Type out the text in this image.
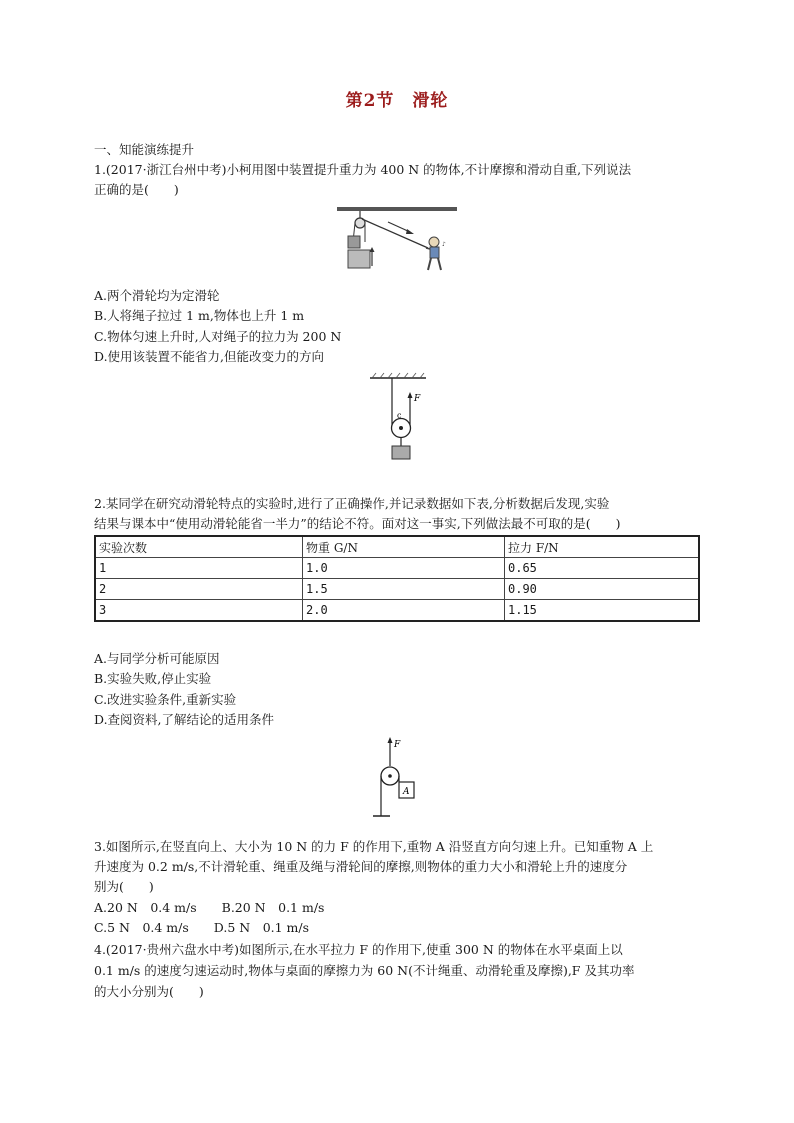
第2节　滑轮
一、知能演练提升
1.(2017·浙江台州中考)小柯用图中装置提升重力为 400 N 的物体,不计摩擦和滑动自重,下列说法
正确的是(　　)
♪
A.两个滑轮均为定滑轮
B.人将绳子拉过 1 m,物体也上升 1 m
C.物体匀速上升时,人对绳子的拉力为 200 N
D.使用该装置不能省力,但能改变力的方向
F
c
2.某同学在研究动滑轮特点的实验时,进行了正确操作,并记录数据如下表,分析数据后发现,实验
结果与课本中“使用动滑轮能省一半力”的结论不符。面对这一事实,下列做法最不可取的是(　　)
实验次数	物重 G/N	拉力 F/N
1	1.0	0.65
2	1.5	0.90
3	2.0	1.15
A.与同学分析可能原因
B.实验失败,停止实验
C.改进实验条件,重新实验
D.查阅资料,了解结论的适用条件
F
A
3.如图所示,在竖直向上、大小为 10 N 的力 F 的作用下,重物 A 沿竖直方向匀速上升。已知重物 A 上
升速度为 0.2 m/s,不计滑轮重、绳重及绳与滑轮间的摩擦,则物体的重力大小和滑轮上升的速度分
别为(　　)
A.20 N　0.4 m/s　　B.20 N　0.1 m/s
C.5 N　0.4 m/s　　D.5 N　0.1 m/s
4.(2017·贵州六盘水中考)如图所示,在水平拉力 F 的作用下,使重 300 N 的物体在水平桌面上以
0.1 m/s 的速度匀速运动时,物体与桌面的摩擦力为 60 N(不计绳重、动滑轮重及摩擦),F 及其功率
的大小分别为(　　)
